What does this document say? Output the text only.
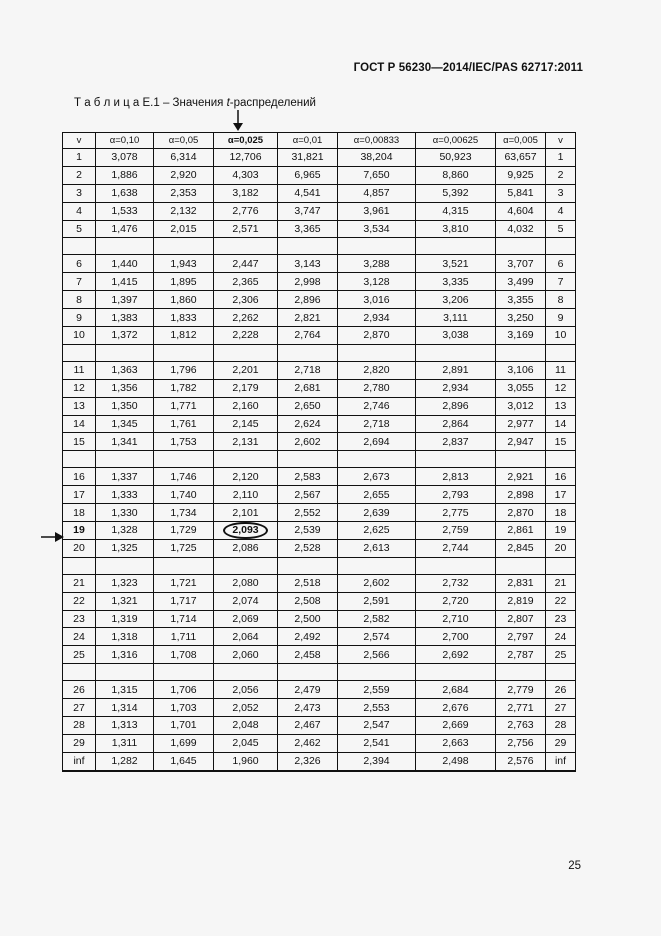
ГОСТ Р 56230—2014/IEC/PAS 62717:2011
Т а б л и ц а Е.1 – Значения t-распределений
v	α=0,10	α=0,05	α=0,025	α=0,01	α=0,00833	α=0,00625	α=0,005	v
1	3,078	6,314	12,706	31,821	38,204	50,923	63,657	1
2	1,886	2,920	4,303	6,965	7,650	8,860	9,925	2
3	1,638	2,353	3,182	4,541	4,857	5,392	5,841	3
4	1,533	2,132	2,776	3,747	3,961	4,315	4,604	4
5	1,476	2,015	2,571	3,365	3,534	3,810	4,032	5

6	1,440	1,943	2,447	3,143	3,288	3,521	3,707	6
7	1,415	1,895	2,365	2,998	3,128	3,335	3,499	7
8	1,397	1,860	2,306	2,896	3,016	3,206	3,355	8
9	1,383	1,833	2,262	2,821	2,934	3,111	3,250	9
10	1,372	1,812	2,228	2,764	2,870	3,038	3,169	10

11	1,363	1,796	2,201	2,718	2,820	2,891	3,106	11
12	1,356	1,782	2,179	2,681	2,780	2,934	3,055	12
13	1,350	1,771	2,160	2,650	2,746	2,896	3,012	13
14	1,345	1,761	2,145	2,624	2,718	2,864	2,977	14
15	1,341	1,753	2,131	2,602	2,694	2,837	2,947	15

16	1,337	1,746	2,120	2,583	2,673	2,813	2,921	16
17	1,333	1,740	2,110	2,567	2,655	2,793	2,898	17
18	1,330	1,734	2,101	2,552	2,639	2,775	2,870	18
19	1,328	1,729	2,093	2,539	2,625	2,759	2,861	19
20	1,325	1,725	2,086	2,528	2,613	2,744	2,845	20

21	1,323	1,721	2,080	2,518	2,602	2,732	2,831	21
22	1,321	1,717	2,074	2,508	2,591	2,720	2,819	22
23	1,319	1,714	2,069	2,500	2,582	2,710	2,807	23
24	1,318	1,711	2,064	2,492	2,574	2,700	2,797	24
25	1,316	1,708	2,060	2,458	2,566	2,692	2,787	25

26	1,315	1,706	2,056	2,479	2,559	2,684	2,779	26
27	1,314	1,703	2,052	2,473	2,553	2,676	2,771	27
28	1,313	1,701	2,048	2,467	2,547	2,669	2,763	28
29	1,311	1,699	2,045	2,462	2,541	2,663	2,756	29
inf	1,282	1,645	1,960	2,326	2,394	2,498	2,576	inf
25
